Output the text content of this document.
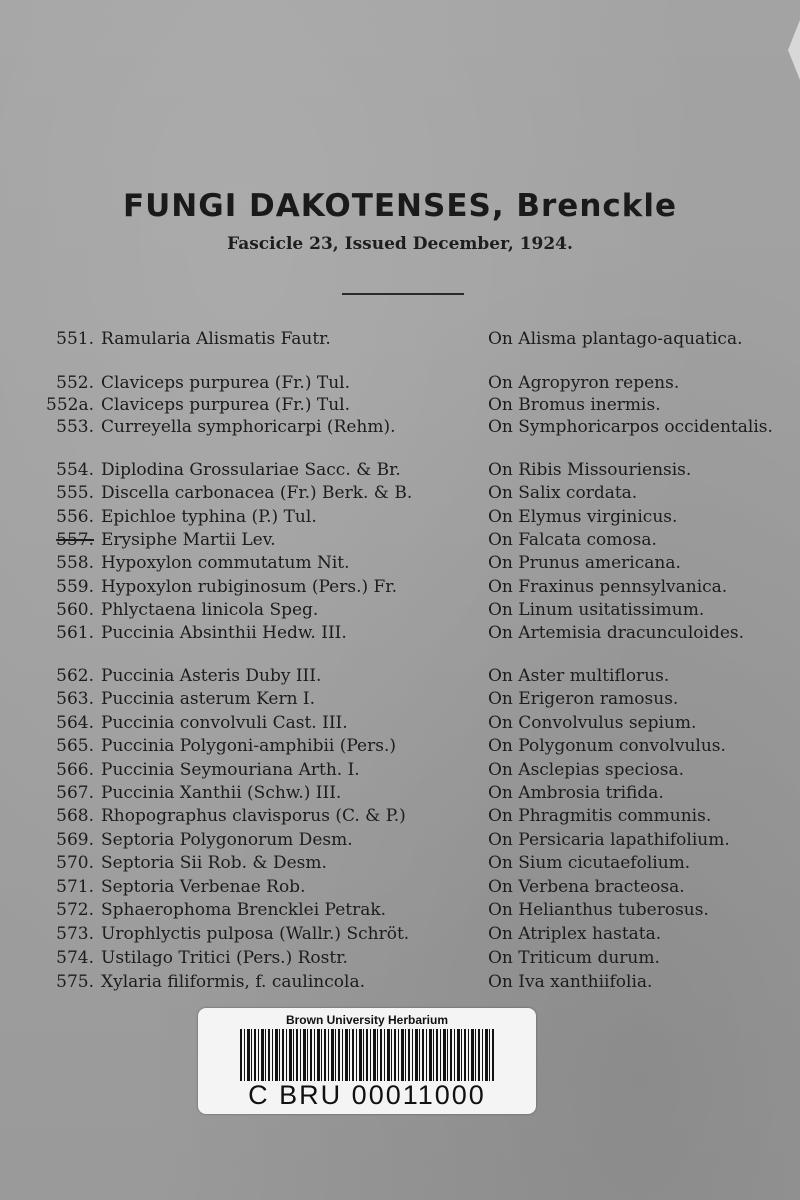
FUNGI DAKOTENSES, Brenckle
Fascicle 23, Issued December, 1924.
551. Ramularia Alismatis Fautr.	On Alisma plantago-aquatica.
552. Claviceps purpurea (Fr.) Tul.	On Agropyron repens.
552a. Claviceps purpurea (Fr.) Tul.	On Bromus inermis.
553. Curreyella symphoricarpi (Rehm).	On Symphoricarpos occidentalis.
554. Diplodina Grossulariae Sacc. & Br.	On Ribis Missouriensis.
555. Discella carbonacea (Fr.) Berk. & B.	On Salix cordata.
556. Epichloe typhina (P.) Tul.	On Elymus virginicus.
557. Erysiphe Martii Lev.	On Falcata comosa.
558. Hypoxylon commutatum Nit.	On Prunus americana.
559. Hypoxylon rubiginosum (Pers.) Fr.	On Fraxinus pennsylvanica.
560. Phlyctaena linicola Speg.	On Linum usitatissimum.
561. Puccinia Absinthii Hedw. III.	On Artemisia dracunculoides.
562. Puccinia Asteris Duby III.	On Aster multiflorus.
563. Puccinia asterum Kern I.	On Erigeron ramosus.
564. Puccinia convolvuli Cast. III.	On Convolvulus sepium.
565. Puccinia Polygoni-amphibii (Pers.)	On Polygonum convolvulus.
566. Puccinia Seymouriana Arth. I.	On Asclepias speciosa.
567. Puccinia Xanthii (Schw.) III.	On Ambrosia trifida.
568. Rhopographus clavisporus (C. & P.)	On Phragmitis communis.
569. Septoria Polygonorum Desm.	On Persicaria lapathifolium.
570. Septoria Sii Rob. & Desm.	On Sium cicutaefolium.
571. Septoria Verbenae Rob.	On Verbena bracteosa.
572. Sphaerophoma Brencklei Petrak.	On Helianthus tuberosus.
573. Urophlyctis pulposa (Wallr.) Schröt.	On Atriplex hastata.
574. Ustilago Tritici (Pers.) Rostr.	On Triticum durum.
575. Xylaria filiformis, f. caulincola.	On Iva xanthiifolia.
Brown University Herbarium
C BRU 00011000
